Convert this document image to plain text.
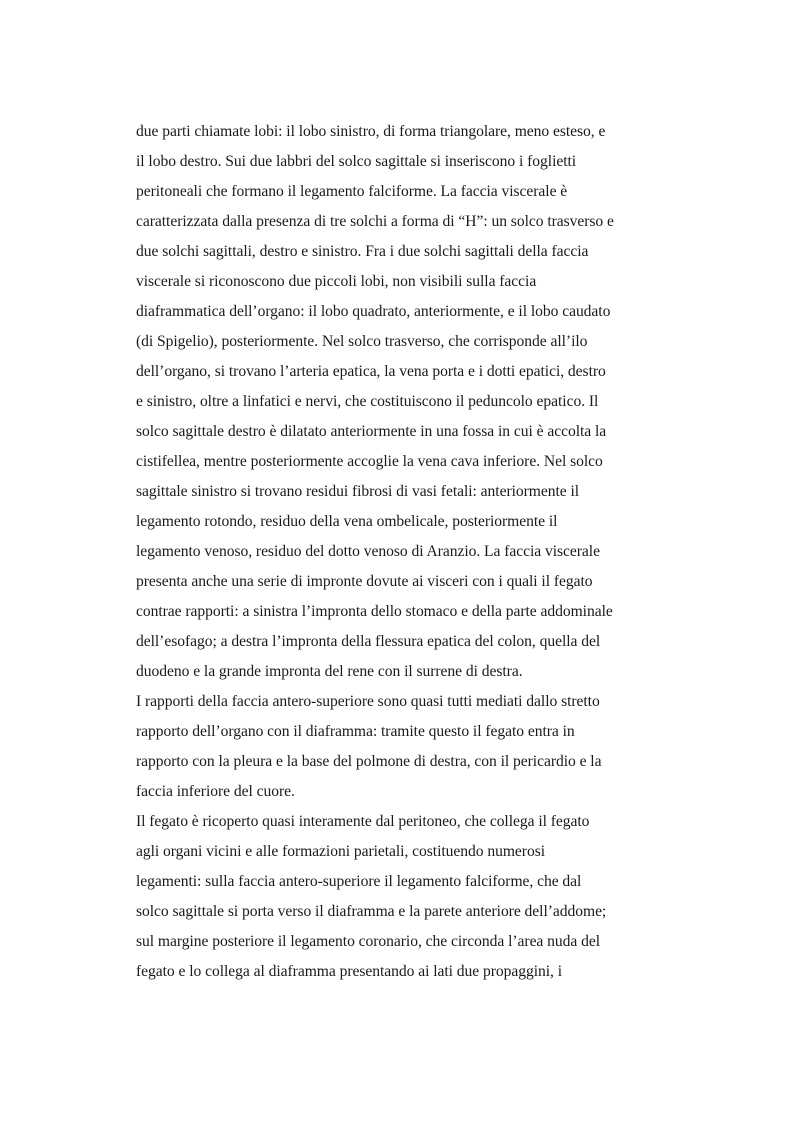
due parti chiamate lobi: il lobo sinistro, di forma triangolare, meno esteso, e
il lobo destro. Sui due labbri del solco sagittale si inseriscono i foglietti
peritoneali che formano il legamento falciforme. La faccia viscerale è
caratterizzata dalla presenza di tre solchi a forma di “H”: un solco trasverso e
due solchi sagittali, destro e sinistro. Fra i due solchi sagittali della faccia
viscerale si riconoscono due piccoli lobi, non visibili sulla faccia
diaframmatica dell’organo: il lobo quadrato, anteriormente, e il lobo caudato
(di Spigelio), posteriormente. Nel solco trasverso, che corrisponde all’ilo
dell’organo, si trovano l’arteria epatica, la vena porta e i dotti epatici, destro
e sinistro, oltre a linfatici e nervi, che costituiscono il peduncolo epatico. Il
solco sagittale destro è dilatato anteriormente in una fossa in cui è accolta la
cistifellea, mentre posteriormente accoglie la vena cava inferiore. Nel solco
sagittale sinistro si trovano residui fibrosi di vasi fetali: anteriormente il
legamento rotondo, residuo della vena ombelicale, posteriormente il
legamento venoso, residuo del dotto venoso di Aranzio. La faccia viscerale
presenta anche una serie di impronte dovute ai visceri con i quali il fegato
contrae rapporti: a sinistra l’impronta dello stomaco e della parte addominale
dell’esofago; a destra l’impronta della flessura epatica del colon, quella del
duodeno e la grande impronta del rene con il surrene di destra.
I rapporti della faccia antero-superiore sono quasi tutti mediati dallo stretto
rapporto dell’organo con il diaframma: tramite questo il fegato entra in
rapporto con la pleura e la base del polmone di destra, con il pericardio e la
faccia inferiore del cuore.
Il fegato è ricoperto quasi interamente dal peritoneo, che collega il fegato
agli organi vicini e alle formazioni parietali, costituendo numerosi
legamenti: sulla faccia antero-superiore il legamento falciforme, che dal
solco sagittale si porta verso il diaframma e la parete anteriore dell’addome;
sul margine posteriore il legamento coronario, che circonda l’area nuda del
fegato e lo collega al diaframma presentando ai lati due propaggini, i
